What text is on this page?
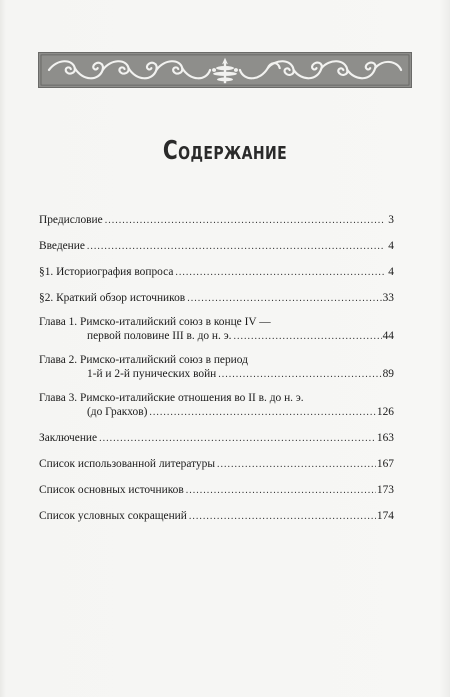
Содержание
Предисловие .....	3
Введение .....	4
§1. Историография вопроса .....	4
§2. Краткий обзор источников .....	33
Глава 1. Римско-италийский союз в конце IV —
первой половине III в. до н. э. .....	44
Глава 2. Римско-италийский союз в период
1-й и 2-й пунических войн .....	89
Глава 3. Римско-италийские отношения во II в. до н. э.
(до Гракхов) .....	126
Заключение .....	163
Список использованной литературы .....	167
Список основных источников .....	173
Список условных сокращений .....	174
